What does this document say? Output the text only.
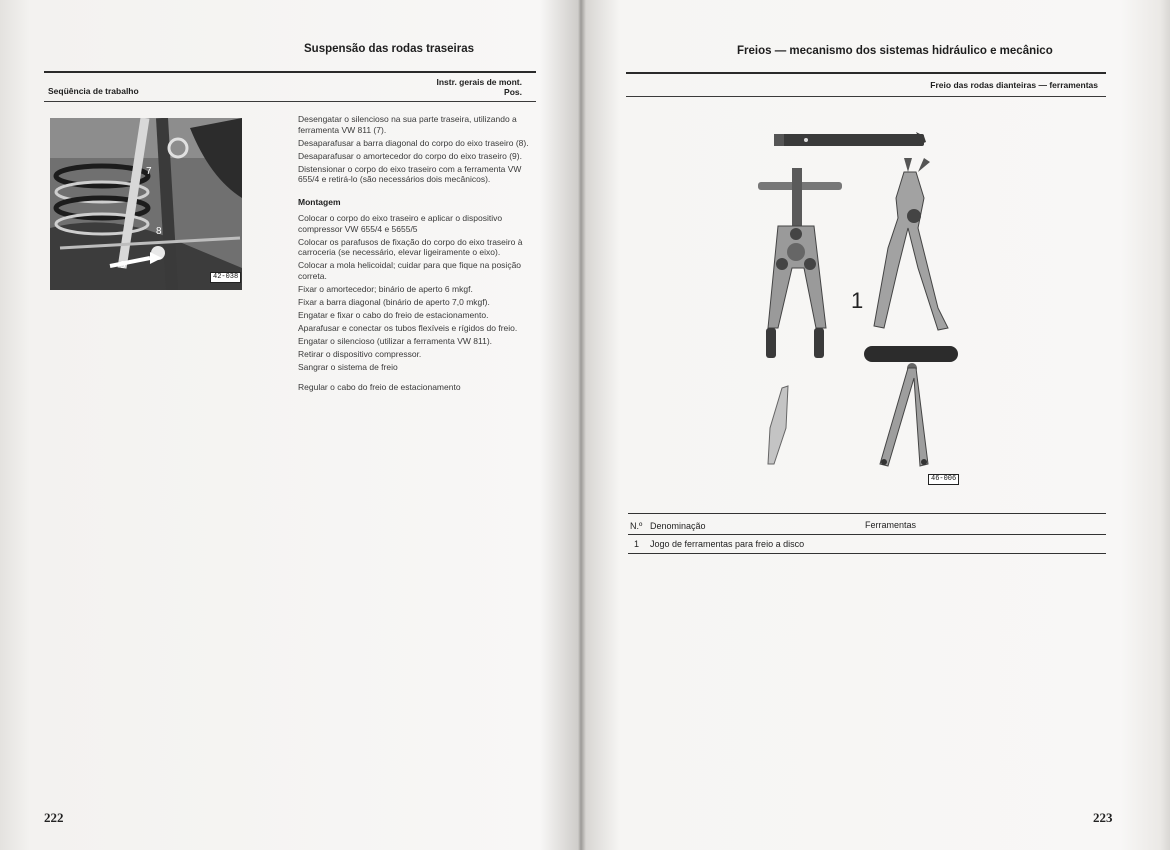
Suspensão das rodas traseiras
Seqüência de trabalho
Instr. gerais de mont.
Pos.
7
8
9
42-038

Desengatar o silencioso na sua parte traseira, utilizando a ferramenta VW 811 (7).

Desaparafusar a barra diagonal do corpo do eixo traseiro (8).

Desaparafusar o amortecedor do corpo do eixo traseiro (9).

Distensionar o corpo do eixo traseiro com a ferramenta VW 655/4 e retirá-lo (são necessários dois mecânicos).

Montagem

Colocar o corpo do eixo traseiro e aplicar o dispositivo compressor VW 655/4 e 5655/5

Colocar os parafusos de fixação do corpo do eixo traseiro à carroceria (se necessário, elevar ligeiramente o eixo).

Colocar a mola helicoidal; cuidar para que fique na posição correta.

Fixar o amortecedor; binário de aperto 6 mkgf.

Fixar a barra diagonal (binário de aperto 7,0 mkgf).

Engatar e fixar o cabo do freio de estacionamento.

Aparafusar e conectar os tubos flexíveis e rígidos do freio.

Engatar o silencioso (utilizar a ferramenta VW 811).

Retirar o dispositivo compressor.

Sangrar o sistema de freio

Regular o cabo do freio de estacionamento

222
Freios — mecanismo dos sistemas hidráulico e mecânico
Freio das rodas dianteiras — ferramentas
1
46-006
N.º Denominação	Ferramentas
1 Jogo de ferramentas para freio a disco
223
